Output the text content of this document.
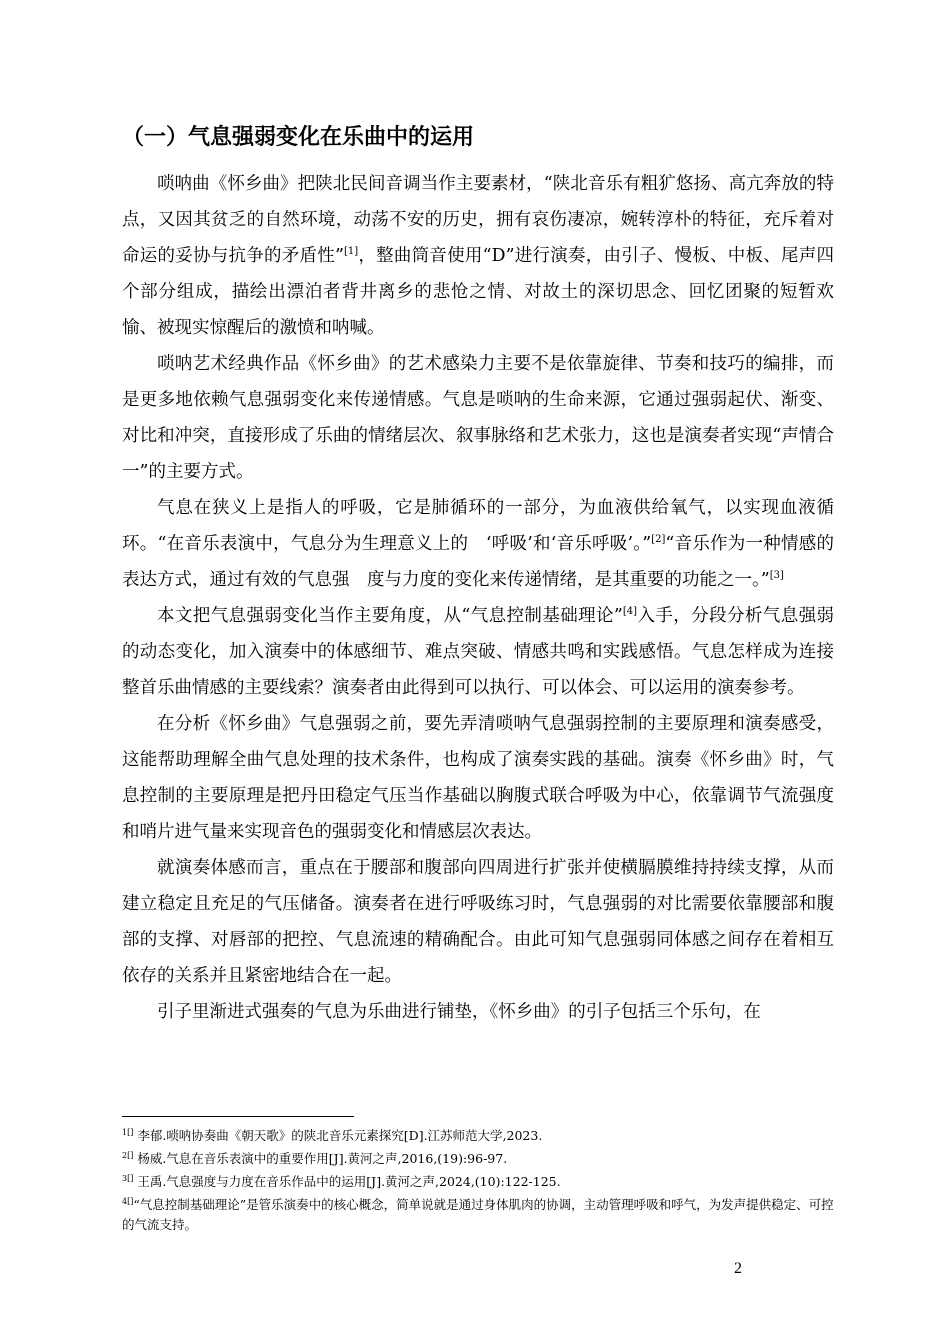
（一）气息强弱变化在乐曲中的运用

唢呐曲《怀乡曲》把陕北民间音调当作主要素材，“陕北音乐有粗犷悠扬、高亢奔放的特点，又因其贫乏的自然环境，动荡不安的历史，拥有哀伤凄凉，婉转淳朴的特征，充斥着对命运的妥协与抗争的矛盾性”[1]，整曲筒音使用“D”进行演奏，由引子、慢板、中板、尾声四个部分组成，描绘出漂泊者背井离乡的悲怆之情、对故土的深切思念、回忆团聚的短暂欢愉、被现实惊醒后的激愤和呐喊。

唢呐艺术经典作品《怀乡曲》的艺术感染力主要不是依靠旋律、节奏和技巧的编排，而是更多地依赖气息强弱变化来传递情感。气息是唢呐的生命来源，它通过强弱起伏、渐变、对比和冲突，直接形成了乐曲的情绪层次、叙事脉络和艺术张力，这也是演奏者实现“声情合一”的主要方式。

气息在狭义上是指人的呼吸，它是肺循环的一部分，为血液供给氧气，以实现血液循环。“在音乐表演中，气息分为生理意义上的　‘呼吸’和‘音乐呼吸’。”[2]“音乐作为一种情感的表达方式，通过有效的气息强　度与力度的变化来传递情绪，是其重要的功能之一。”[3]

本文把气息强弱变化当作主要角度，从“气息控制基础理论”[4]入手，分段分析气息强弱的动态变化，加入演奏中的体感细节、难点突破、情感共鸣和实践感悟。气息怎样成为连接整首乐曲情感的主要线索？演奏者由此得到可以执行、可以体会、可以运用的演奏参考。

在分析《怀乡曲》气息强弱之前，要先弄清唢呐气息强弱控制的主要原理和演奏感受，这能帮助理解全曲气息处理的技术条件，也构成了演奏实践的基础。演奏《怀乡曲》时，气息控制的主要原理是把丹田稳定气压当作基础以胸腹式联合呼吸为中心，依靠调节气流强度和哨片进气量来实现音色的强弱变化和情感层次表达。

就演奏体感而言，重点在于腰部和腹部向四周进行扩张并使横膈膜维持持续支撑，从而建立稳定且充足的气压储备。演奏者在进行呼吸练习时，气息强弱的对比需要依靠腰部和腹部的支撑、对唇部的把控、气息流速的精确配合。由此可知气息强弱同体感之间存在着相互依存的关系并且紧密地结合在一起。

引子里渐进式强奏的气息为乐曲进行铺垫，《怀乡曲》的引子包括三个乐句，在

$^{1[]}$ 李郁.唢呐协奏曲《朝天歌》的陕北音乐元素探究[D].江苏师范大学,2023.

$^{2[]}$ 杨威.气息在音乐表演中的重要作用[J].黄河之声,2016,(19):96-97.

$^{3[]}$ 王禹.气息强度与力度在音乐作品中的运用[J].黄河之声,2024,(10):122-125.

$^{4[]}$“气息控制基础理论”是管乐演奏中的核心概念，简单说就是通过身体肌肉的协调，主动管理呼吸和呼气，为发声提供稳定、可控的气流支持。

2
